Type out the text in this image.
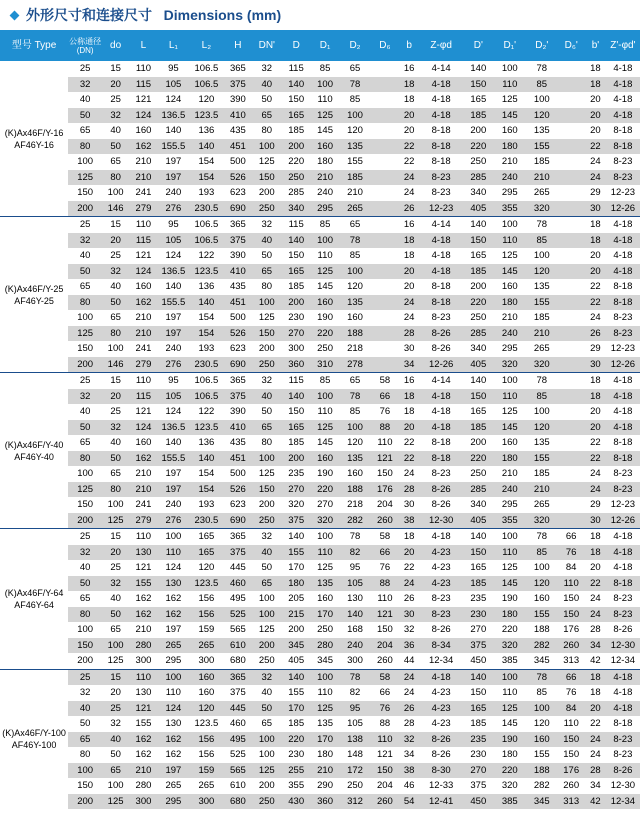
外形尺寸和连接尺寸   Dimensions (mm)
型号 Type	公称通径 (DN)	do	L	L₁	L₂	H	DN'	D	D₁	D₂	D₆	b	Z-φd	D'	D₁'	D₂'	D₆'	b'	Z'-φd'
(K)Ax46F/Y-16 AF46Y-16	25	15	110	95	106.5	365	32	115	85	65		16	4-14	140	100	78		18	4-18
	32	20	115	105	106.5	375	40	140	100	78		18	4-18	150	110	85		18	4-18
	40	25	121	124	120	390	50	150	110	85		18	4-18	165	125	100		20	4-18
	50	32	124	136.5	123.5	410	65	165	125	100		20	4-18	185	145	120		20	4-18
	65	40	160	140	136	435	80	185	145	120		20	8-18	200	160	135		20	8-18
	80	50	162	155.5	140	451	100	200	160	135		22	8-18	220	180	155		22	8-18
	100	65	210	197	154	500	125	220	180	155		22	8-18	250	210	185		24	8-23
	125	80	210	197	154	526	150	250	210	185		24	8-23	285	240	210		24	8-23
	150	100	241	240	193	623	200	285	240	210		24	8-23	340	295	265		29	12-23
	200	146	279	276	230.5	690	250	340	295	265		26	12-23	405	355	320		30	12-26
(K)Ax46F/Y-25 AF46Y-25	25	15	110	95	106.5	365	32	115	85	65		16	4-14	140	100	78		18	4-18
	32	20	115	105	106.5	375	40	140	100	78		18	4-18	150	110	85		18	4-18
	40	25	121	124	122	390	50	150	110	85		18	4-18	165	125	100		20	4-18
	50	32	124	136.5	123.5	410	65	165	125	100		20	4-18	185	145	120		20	4-18
	65	40	160	140	136	435	80	185	145	120		20	8-18	200	160	135		22	8-18
	80	50	162	155.5	140	451	100	200	160	135		24	8-18	220	180	155		22	8-18
	100	65	210	197	154	500	125	230	190	160		24	8-23	250	210	185		24	8-23
	125	80	210	197	154	526	150	270	220	188		28	8-26	285	240	210		26	8-23
	150	100	241	240	193	623	200	300	250	218		30	8-26	340	295	265		29	12-23
	200	146	279	276	230.5	690	250	360	310	278		34	12-26	405	320	320		30	12-26
(K)Ax46F/Y-40 AF46Y-40	25	15	110	95	106.5	365	32	115	85	65	58	16	4-14	140	100	78		18	4-18
	32	20	115	105	106.5	375	40	140	100	78	66	18	4-18	150	110	85		18	4-18
	40	25	121	124	122	390	50	150	110	85	76	18	4-18	165	125	100		20	4-18
	50	32	124	136.5	123.5	410	65	165	125	100	88	20	4-18	185	145	120		20	4-18
	65	40	160	140	136	435	80	185	145	120	110	22	8-18	200	160	135		22	8-18
	80	50	162	155.5	140	451	100	200	160	135	121	22	8-18	220	180	155		22	8-18
	100	65	210	197	154	500	125	235	190	160	150	24	8-23	250	210	185		24	8-23
	125	80	210	197	154	526	150	270	220	188	176	28	8-26	285	240	210		24	8-23
	150	100	241	240	193	623	200	320	270	218	204	30	8-26	340	295	265		29	12-23
	200	125	279	276	230.5	690	250	375	320	282	260	38	12-30	405	355	320		30	12-26
(K)Ax46F/Y-64 AF46Y-64	25	15	110	100	165	365	32	140	100	78	58	18	4-18	140	100	78	66	18	4-18
	32	20	130	110	165	375	40	155	110	82	66	20	4-23	150	110	85	76	18	4-18
	40	25	121	124	120	445	50	170	125	95	76	22	4-23	165	125	100	84	20	4-18
	50	32	155	130	123.5	460	65	180	135	105	88	24	4-23	185	145	120	110	22	8-18
	65	40	162	162	156	495	100	205	160	130	110	26	8-23	235	190	160	150	24	8-23
	80	50	162	162	156	525	100	215	170	140	121	30	8-23	230	180	155	150	24	8-23
	100	65	210	197	159	565	125	200	250	168	150	32	8-26	270	220	188	176	28	8-26
	150	100	280	265	265	610	200	345	280	240	204	36	8-34	375	320	282	260	34	12-30
	200	125	300	295	300	680	250	405	345	300	260	44	12-34	450	385	345	313	42	12-34
(K)Ax46F/Y-100 AF46Y-100	25	15	110	100	160	365	32	140	100	78	58	24	4-18	140	100	78	66	18	4-18
	32	20	130	110	160	375	40	155	110	82	66	24	4-23	150	110	85	76	18	4-18
	40	25	121	124	120	445	50	170	125	95	76	26	4-23	165	125	100	84	20	4-18
	50	32	155	130	123.5	460	65	185	135	105	88	28	4-23	185	145	120	110	22	8-18
	65	40	162	162	156	495	100	220	170	138	110	32	8-26	235	190	160	150	24	8-23
	80	50	162	162	156	525	100	230	180	148	121	34	8-26	230	180	155	150	24	8-23
	100	65	210	197	159	565	125	255	210	172	150	38	8-30	270	220	188	176	28	8-26
	150	100	280	265	265	610	200	355	290	250	204	46	12-33	375	320	282	260	34	12-30
	200	125	300	295	300	680	250	430	360	312	260	54	12-41	450	385	345	313	42	12-34
